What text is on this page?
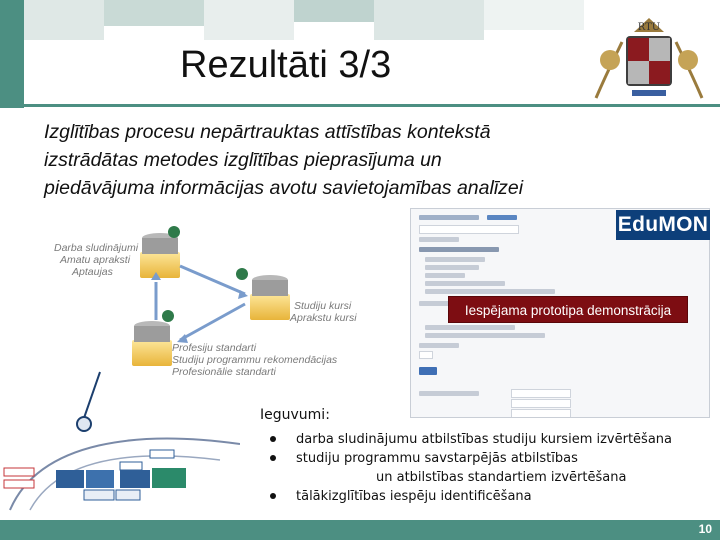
Rezultāti 3/3
RTU
Izglītības procesu nepārtrauktas attīstības kontekstā
izstrādātas metodes izglītības pieprasījuma un
piedāvājuma informācijas avotu savietojamības analīzei
Darba sludinājumi
Amatu apraksti
Aptaujas
Studiju kursi
Aprakstu kursi
Profesiju standarti
Studiju programmu rekomendācijas
Profesionālie standarti
EduMON
Iespējama prototipa demonstrācija
Ieguvumi:
darba sludinājumu atbilstības studiju kursiem izvērtēšana
studiju programmu savstarpējās atbilstības
un atbilstības standartiem izvērtēšana
tālākizglītības iespēju identificēšana
10
